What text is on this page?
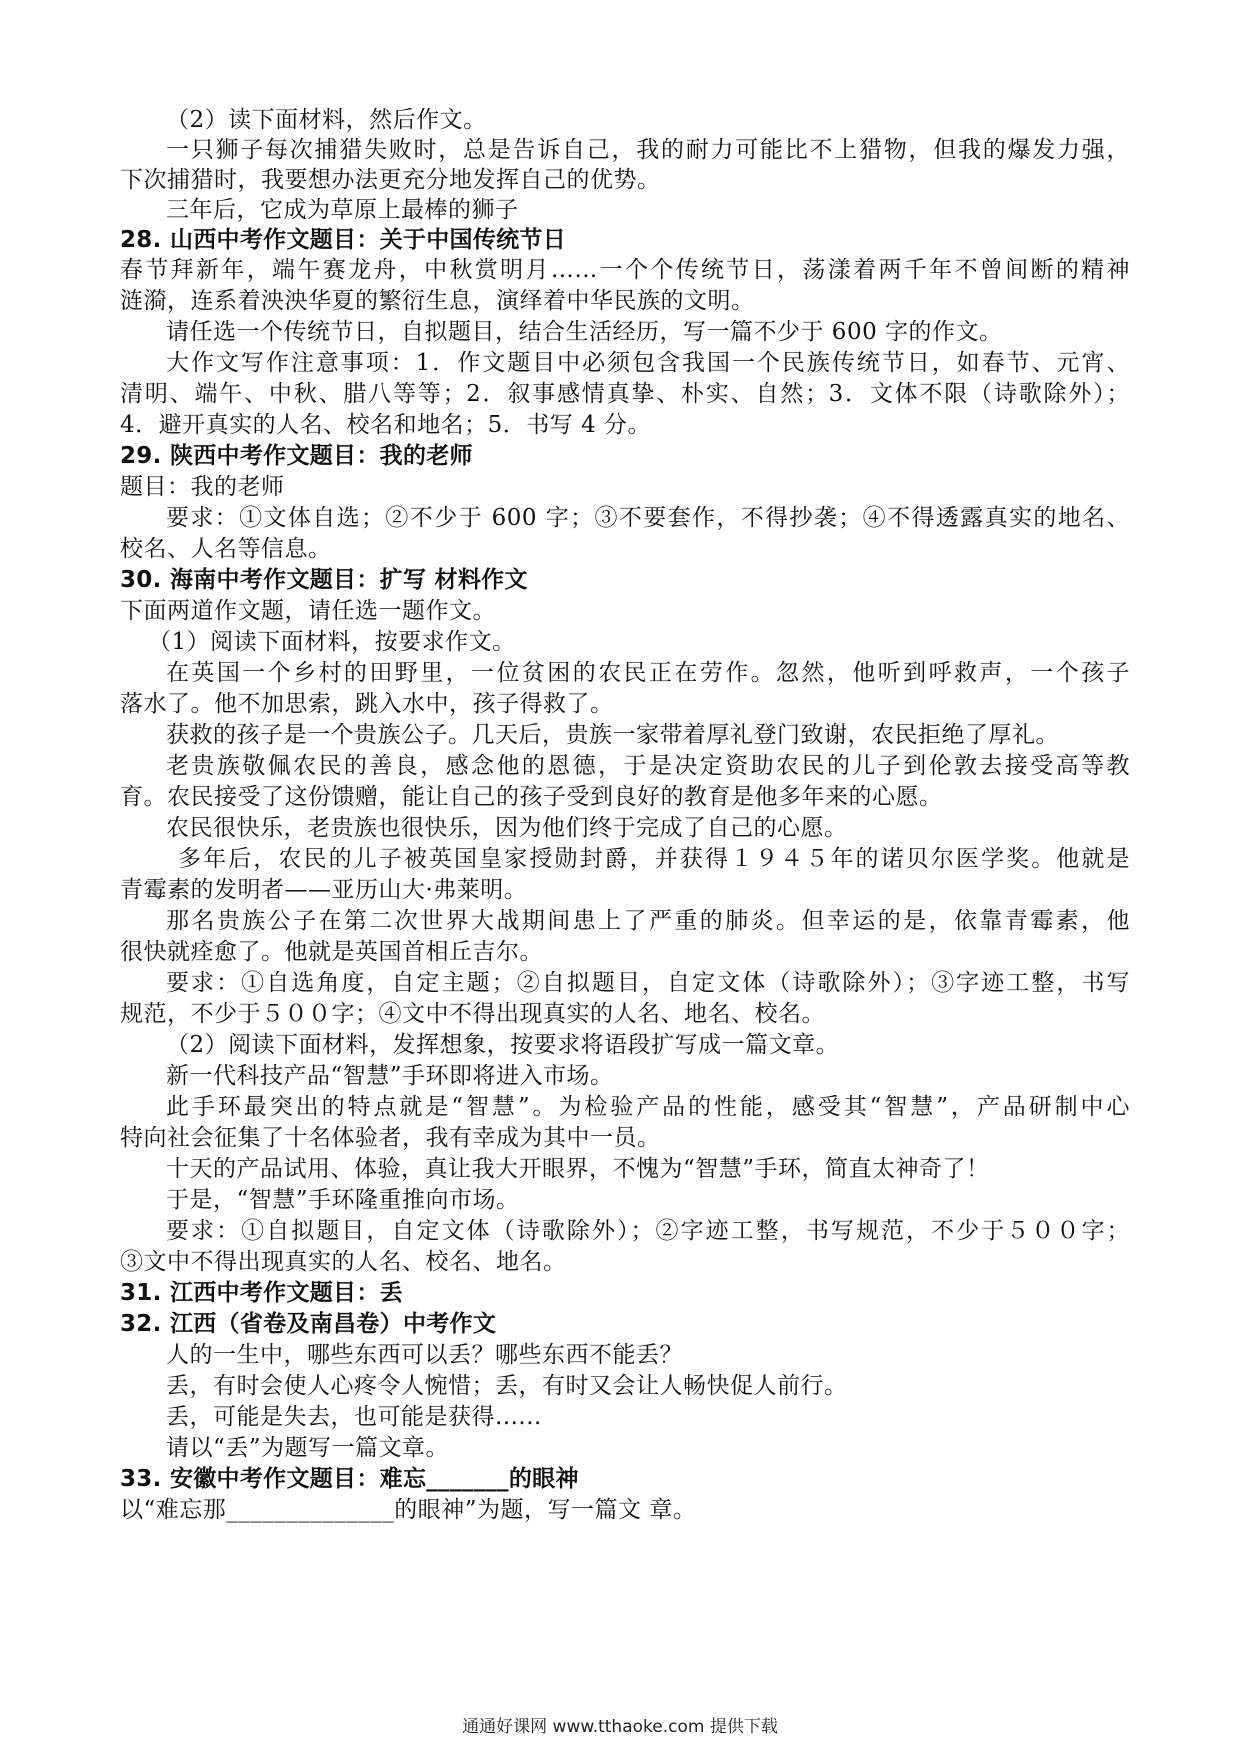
（2）读下面材料，然后作文。
一只狮子每次捕猎失败时，总是告诉自己，我的耐力可能比不上猎物，但我的爆发力强，
下次捕猎时，我要想办法更充分地发挥自己的优势。
三年后，它成为草原上最棒的狮子
28. 山西中考作文题目：关于中国传统节日
春节拜新年，端午赛龙舟，中秋赏明月……一个个传统节日，荡漾着两千年不曾间断的精神
涟漪，连系着泱泱华夏的繁衍生息，演绎着中华民族的文明。
请任选一个传统节日，自拟题目，结合生活经历，写一篇不少于 600 字的作文。
大作文写作注意事项：1．作文题目中必须包含我国一个民族传统节日，如春节、元宵、
清明、端午、中秋、腊八等等；2．叙事感情真挚、朴实、自然；3．文体不限（诗歌除外）；
4．避开真实的人名、校名和地名；5．书写 4 分。
29. 陕西中考作文题目：我的老师
题目：我的老师
要求：①文体自选；②不少于 600 字；③不要套作，不得抄袭；④不得透露真实的地名、
校名、人名等信息。
30. 海南中考作文题目：扩写 材料作文
下面两道作文题，请任选一题作文。
（1）阅读下面材料，按要求作文。
在英国一个乡村的田野里，一位贫困的农民正在劳作。忽然，他听到呼救声，一个孩子
落水了。他不加思索，跳入水中，孩子得救了。
获救的孩子是一个贵族公子。几天后，贵族一家带着厚礼登门致谢，农民拒绝了厚礼。
老贵族敬佩农民的善良，感念他的恩德，于是决定资助农民的儿子到伦敦去接受高等教
育。农民接受了这份馈赠，能让自己的孩子受到良好的教育是他多年来的心愿。
农民很快乐，老贵族也很快乐，因为他们终于完成了自己的心愿。
多年后，农民的儿子被英国皇家授勋封爵，并获得１９４５年的诺贝尔医学奖。他就是
青霉素的发明者——亚历山大·弗莱明。
那名贵族公子在第二次世界大战期间患上了严重的肺炎。但幸运的是，依靠青霉素，他
很快就痊愈了。他就是英国首相丘吉尔。
要求：①自选角度，自定主题；②自拟题目，自定文体（诗歌除外）；③字迹工整，书写
规范，不少于５００字；④文中不得出现真实的人名、地名、校名。
（2）阅读下面材料，发挥想象，按要求将语段扩写成一篇文章。
新一代科技产品“智慧”手环即将进入市场。
此手环最突出的特点就是“智慧”。为检验产品的性能，感受其“智慧”，产品研制中心
特向社会征集了十名体验者，我有幸成为其中一员。
十天的产品试用、体验，真让我大开眼界，不愧为“智慧”手环，简直太神奇了！
于是，“智慧”手环隆重推向市场。
要求：①自拟题目，自定文体（诗歌除外）；②字迹工整，书写规范，不少于５００字；
③文中不得出现真实的人名、校名、地名。
31. 江西中考作文题目：丢
32. 江西（省卷及南昌卷）中考作文
人的一生中，哪些东西可以丢？哪些东西不能丢？
丢，有时会使人心疼令人惋惜；丢，有时又会让人畅快促人前行。
丢，可能是失去，也可能是获得......
请以“丢”为题写一篇文章。
33. 安徽中考作文题目：难忘_______的眼神
以“难忘那______________的眼神”为题，写一篇文 章。
通通好课网 www.tthaoke.com 提供下载
